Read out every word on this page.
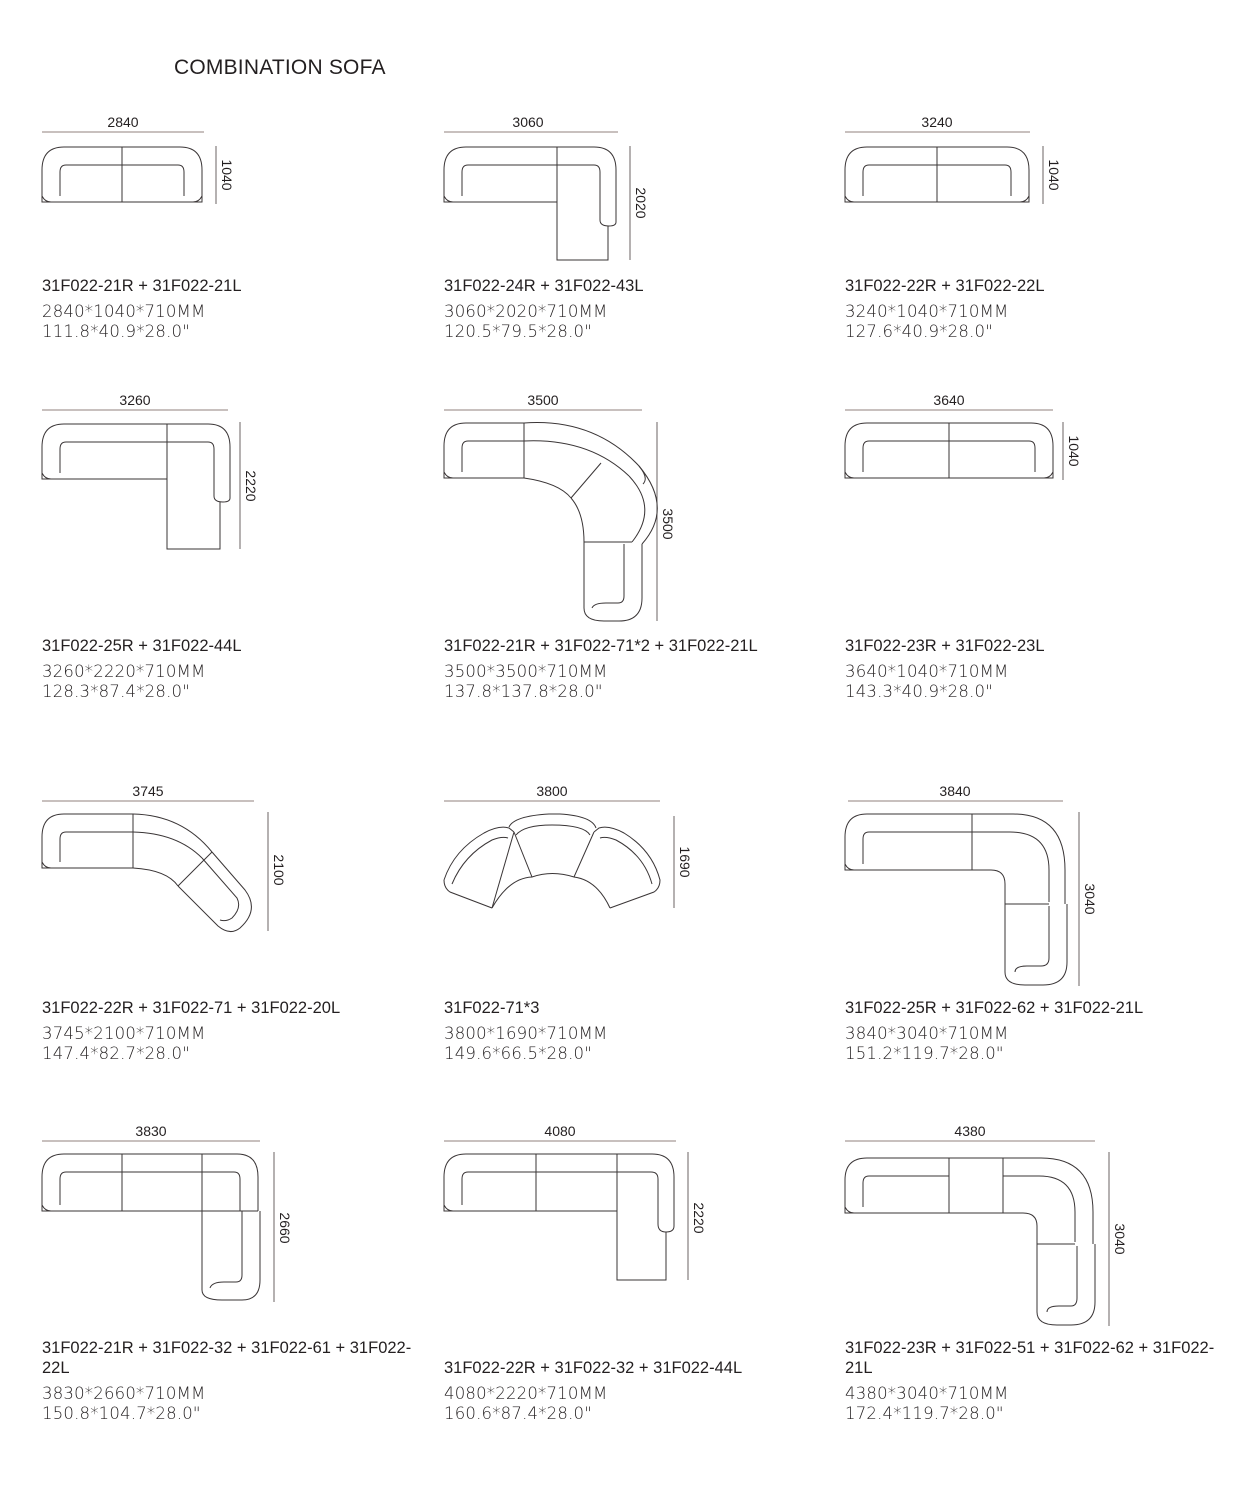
COMBINATION SOFA
2840
1040
31F022-21R + 31F022-21L
2840*1040*710MM
111.8*40.9*28.0"
3060
2020
31F022-24R + 31F022-43L
3060*2020*710MM
120.5*79.5*28.0"
3240
1040
31F022-22R + 31F022-22L
3240*1040*710MM
127.6*40.9*28.0"
3260
2220
31F022-25R + 31F022-44L
3260*2220*710MM
128.3*87.4*28.0"
3500
3500
31F022-21R + 31F022-71*2 + 31F022-21L
3500*3500*710MM
137.8*137.8*28.0"
3640
1040
31F022-23R + 31F022-23L
3640*1040*710MM
143.3*40.9*28.0"
3745
2100
31F022-22R + 31F022-71 + 31F022-20L
3745*2100*710MM
147.4*82.7*28.0"
3800
1690
31F022-71*3
3800*1690*710MM
149.6*66.5*28.0"
3840
3040
31F022-25R + 31F022-62 + 31F022-21L
3840*3040*710MM
151.2*119.7*28.0"
3830
2660
31F022-21R + 31F022-32 + 31F022-61 + 31F022-22L
3830*2660*710MM
150.8*104.7*28.0"
4080
2220
31F022-22R + 31F022-32 + 31F022-44L
4080*2220*710MM
160.6*87.4*28.0"
4380
3040
31F022-23R + 31F022-51 + 31F022-62 + 31F022-21L
4380*3040*710MM
172.4*119.7*28.0"
